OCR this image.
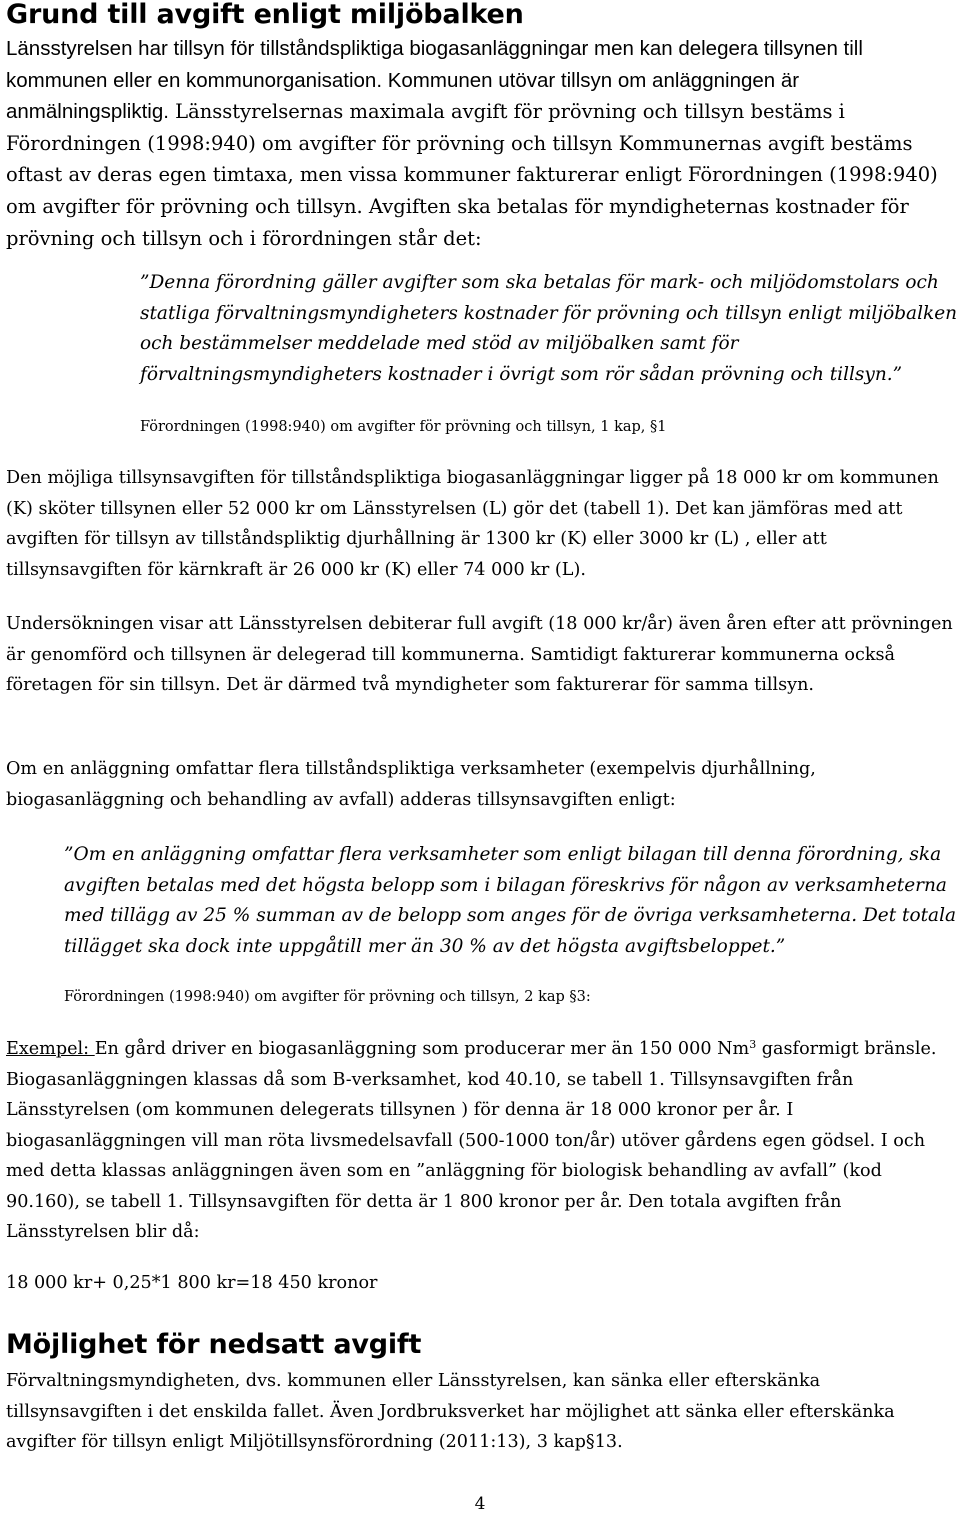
Grund till avgift enligt miljöbalken

Länsstyrelsen har tillsyn för tillståndspliktiga biogasanläggningar men kan delegera tillsynen till kommunen eller en kommunorganisation. Kommunen utövar tillsyn om anläggningen är anmälningspliktig. Länsstyrelsernas maximala avgift för prövning och tillsyn bestäms i Förordningen (1998:940) om avgifter för prövning och tillsyn Kommunernas avgift bestäms oftast av deras egen timtaxa, men vissa kommuner fakturerar enligt Förordningen (1998:940) om avgifter för prövning och tillsyn. Avgiften ska betalas för myndigheternas kostnader för prövning och tillsyn och i förordningen står det:

”Denna förordning gäller avgifter som ska betalas för mark- och miljödomstolars och statliga förvaltningsmyndigheters kostnader för prövning och tillsyn enligt miljöbalken och bestämmelser meddelade med stöd av miljöbalken samt för förvaltningsmyndigheters kostnader i övrigt som rör sådan prövning och tillsyn.”

Förordningen (1998:940) om avgifter för prövning och tillsyn, 1 kap, §1

Den möjliga tillsynsavgiften för tillståndspliktiga biogasanläggningar ligger på 18 000 kr om kommunen (K) sköter tillsynen eller 52 000 kr om Länsstyrelsen (L) gör det (tabell 1). Det kan jämföras med att avgiften för tillsyn av tillståndspliktig djurhållning är 1300 kr (K) eller 3000 kr (L) , eller att tillsynsavgiften för kärnkraft är 26 000 kr (K) eller 74 000 kr (L).

Undersökningen visar att Länsstyrelsen debiterar full avgift (18 000 kr/år) även åren efter att prövningen är genomförd och tillsynen är delegerad till kommunerna. Samtidigt fakturerar kommunerna också företagen för sin tillsyn. Det är därmed två myndigheter som fakturerar för samma tillsyn.

Om en anläggning omfattar flera tillståndspliktiga verksamheter (exempelvis djurhållning, biogasanläggning och behandling av avfall) adderas tillsynsavgiften enligt:

”Om en anläggning omfattar flera verksamheter som enligt bilagan till denna förordning, ska avgiften betalas med det högsta belopp som i bilagan föreskrivs för någon av verksamheterna med tillägg av 25 % summan av de belopp som anges för de övriga verksamheterna. Det totala tillägget ska dock inte uppgåtill mer än 30 % av det högsta avgiftsbeloppet.”

Förordningen (1998:940) om avgifter för prövning och tillsyn, 2 kap §3:

Exempel: En gård driver en biogasanläggning som producerar mer än 150 000 Nm$^3$ gasformigt bränsle. Biogasanläggningen klassas då som B-verksamhet, kod 40.10, se tabell 1. Tillsynsavgiften från Länsstyrelsen (om kommunen delegerats tillsynen ) för denna är 18 000 kronor per år. I biogasanläggningen vill man röta livsmedelsavfall (500-1000 ton/år) utöver gårdens egen gödsel. I och med detta klassas anläggningen även som en ”anläggning för biologisk behandling av avfall” (kod 90.160), se tabell 1. Tillsynsavgiften för detta är 1 800 kronor per år. Den totala avgiften från Länsstyrelsen blir då:

18 000 kr+ 0,25*1 800 kr=18 450 kronor

Möjlighet för nedsatt avgift

Förvaltningsmyndigheten, dvs. kommunen eller Länsstyrelsen, kan sänka eller efterskänka tillsynsavgiften i det enskilda fallet. Även Jordbruksverket har möjlighet att sänka eller efterskänka avgifter för tillsyn enligt Miljötillsynsförordning (2011:13), 3 kap§13.

4
